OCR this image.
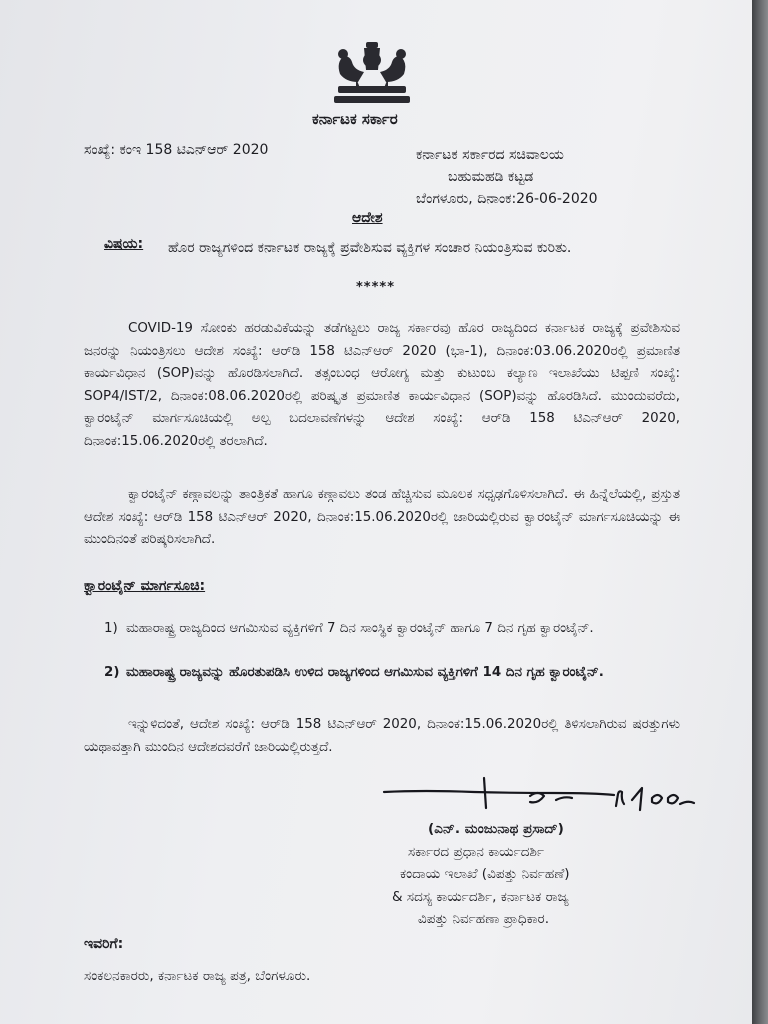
ಕರ್ನಾಟಕ ಸರ್ಕಾರ
ಸಂಖ್ಯೆ: ಕಂಇ 158 ಟಿಎನ್ಆರ್ 2020	ಕರ್ನಾಟಕ ಸರ್ಕಾರದ ಸಚಿವಾಲಯ
ಬಹುಮಹಡಿ ಕಟ್ಟಡ
ಬೆಂಗಳೂರು, ದಿನಾಂಕ:26-06-2020
ಆದೇಶ
ವಿಷಯ: ಹೊರ ರಾಜ್ಯಗಳಿಂದ ಕರ್ನಾಟಕ ರಾಜ್ಯಕ್ಕೆ ಪ್ರವೇಶಿಸುವ ವ್ಯಕ್ತಿಗಳ ಸಂಚಾರ ನಿಯಂತ್ರಿಸುವ ಕುರಿತು.
*****
COVID-19 ಸೋಂಕು ಹರಡುವಿಕೆಯನ್ನು ತಡೆಗಟ್ಟಲು ರಾಜ್ಯ ಸರ್ಕಾರವು ಹೊರ ರಾಜ್ಯದಿಂದ ಕರ್ನಾಟಕ ರಾಜ್ಯಕ್ಕೆ ಪ್ರವೇಶಿಸುವ ಜನರನ್ನು ನಿಯಂತ್ರಿಸಲು ಆದೇಶ ಸಂಖ್ಯೆ: ಆರ್‌ಡಿ 158 ಟಿಎನ್ಆರ್ 2020 (ಭಾ-1), ದಿನಾಂಕ:03.06.2020ರಲ್ಲಿ ಪ್ರಮಾಣಿತ ಕಾರ್ಯವಿಧಾನ (SOP)ವನ್ನು ಹೊರಡಿಸಲಾಗಿದೆ. ತತ್ಸಂಬಂಧ ಆರೋಗ್ಯ ಮತ್ತು ಕುಟುಂಬ ಕಲ್ಯಾಣ ಇಲಾಖೆಯು ಟಿಪ್ಪಣಿ ಸಂಖ್ಯೆ: SOP4/IST/2, ದಿನಾಂಕ:08.06.2020ರಲ್ಲಿ ಪರಿಷ್ಕೃತ ಪ್ರಮಾಣಿತ ಕಾರ್ಯವಿಧಾನ (SOP)ವನ್ನು ಹೊರಡಿಸಿದೆ. ಮುಂದುವರೆದು, ಕ್ವಾರಂಟೈನ್ ಮಾರ್ಗಸೂಚಿಯಲ್ಲಿ ಅಲ್ಪ ಬದಲಾವಣೆಗಳನ್ನು ಆದೇಶ ಸಂಖ್ಯೆ: ಆರ್‌ಡಿ 158 ಟಿಎನ್ಆರ್ 2020, ದಿನಾಂಕ:15.06.2020ರಲ್ಲಿ ತರಲಾಗಿದೆ.
ಕ್ವಾರಂಟೈನ್ ಕಣ್ಗಾವಲನ್ನು ತಾಂತ್ರಿಕತೆ ಹಾಗೂ ಕಣ್ಗಾವಲು ತಂಡ ಹೆಚ್ಚಿಸುವ ಮೂಲಕ ಸಧೃಢಗೊಳಿಸಲಾಗಿದೆ. ಈ ಹಿನ್ನೆಲೆಯಲ್ಲಿ, ಪ್ರಸ್ತುತ ಆದೇಶ ಸಂಖ್ಯೆ: ಆರ್‌ಡಿ 158 ಟಿಎನ್ಆರ್ 2020, ದಿನಾಂಕ:15.06.2020ರಲ್ಲಿ ಜಾರಿಯಲ್ಲಿರುವ ಕ್ವಾರಂಟೈನ್ ಮಾರ್ಗಸೂಚಿಯನ್ನು ಈ ಮುಂದಿನಂತೆ ಪರಿಷ್ಕರಿಸಲಾಗಿದೆ.
ಕ್ವಾರಂಟೈನ್ ಮಾರ್ಗಸೂಚಿ:
1) ಮಹಾರಾಷ್ಟ್ರ ರಾಜ್ಯದಿಂದ ಆಗಮಿಸುವ ವ್ಯಕ್ತಿಗಳಿಗೆ 7 ದಿನ ಸಾಂಸ್ಥಿಕ ಕ್ವಾರಂಟೈನ್ ಹಾಗೂ 7 ದಿನ ಗೃಹ ಕ್ವಾರಂಟೈನ್.
2) ಮಹಾರಾಷ್ಟ್ರ ರಾಜ್ಯವನ್ನು ಹೊರತುಪಡಿಸಿ ಉಳಿದ ರಾಜ್ಯಗಳಿಂದ ಆಗಮಿಸುವ ವ್ಯಕ್ತಿಗಳಿಗೆ 14 ದಿನ ಗೃಹ ಕ್ವಾರಂಟೈನ್.
ಇನ್ನುಳಿದಂತೆ, ಆದೇಶ ಸಂಖ್ಯೆ: ಆರ್‌ಡಿ 158 ಟಿಎನ್ಆರ್ 2020, ದಿನಾಂಕ:15.06.2020ರಲ್ಲಿ ತಿಳಿಸಲಾಗಿರುವ ಷರತ್ತುಗಳು ಯಥಾವತ್ತಾಗಿ ಮುಂದಿನ ಆದೇಶದವರೆಗೆ ಜಾರಿಯಲ್ಲಿರುತ್ತದೆ.
(ಎನ್. ಮಂಜುನಾಥ ಪ್ರಸಾದ್)
ಸರ್ಕಾರದ ಪ್ರಧಾನ ಕಾರ್ಯದರ್ಶಿ
ಕಂದಾಯ ಇಲಾಖೆ (ವಿಪತ್ತು ನಿರ್ವಹಣೆ)
& ಸದಸ್ಯ ಕಾರ್ಯದರ್ಶಿ, ಕರ್ನಾಟಕ ರಾಜ್ಯ
ವಿಪತ್ತು ನಿರ್ವಹಣಾ ಪ್ರಾಧಿಕಾರ.
ಇವರಿಗೆ:
ಸಂಕಲನಕಾರರು, ಕರ್ನಾಟಕ ರಾಜ್ಯ ಪತ್ರ, ಬೆಂಗಳೂರು.
